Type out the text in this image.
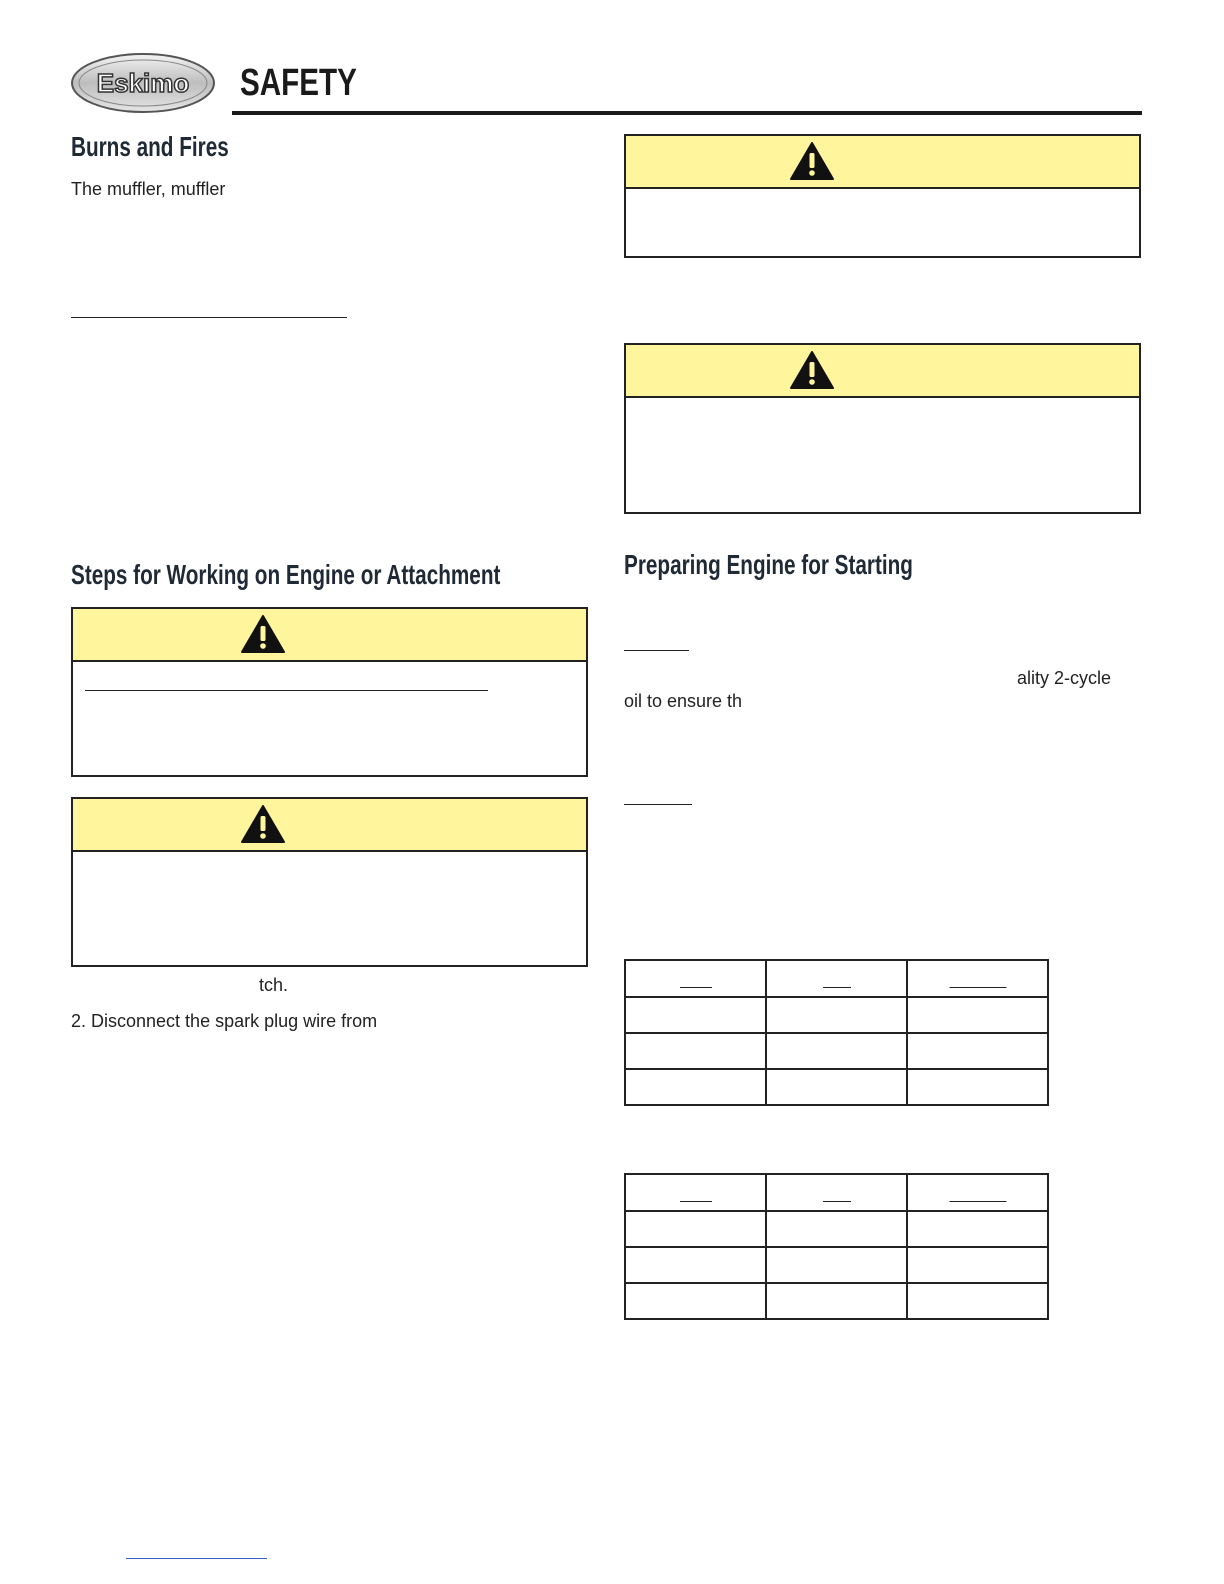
Eskimo SAFETY
Burns and Fires
The muffler, muffler
Steps for Working on Engine or Attachment
tch.
2. Disconnect the spark plug wire from
Preparing Engine for Starting
ality 2-cycle
oil to ensure th
